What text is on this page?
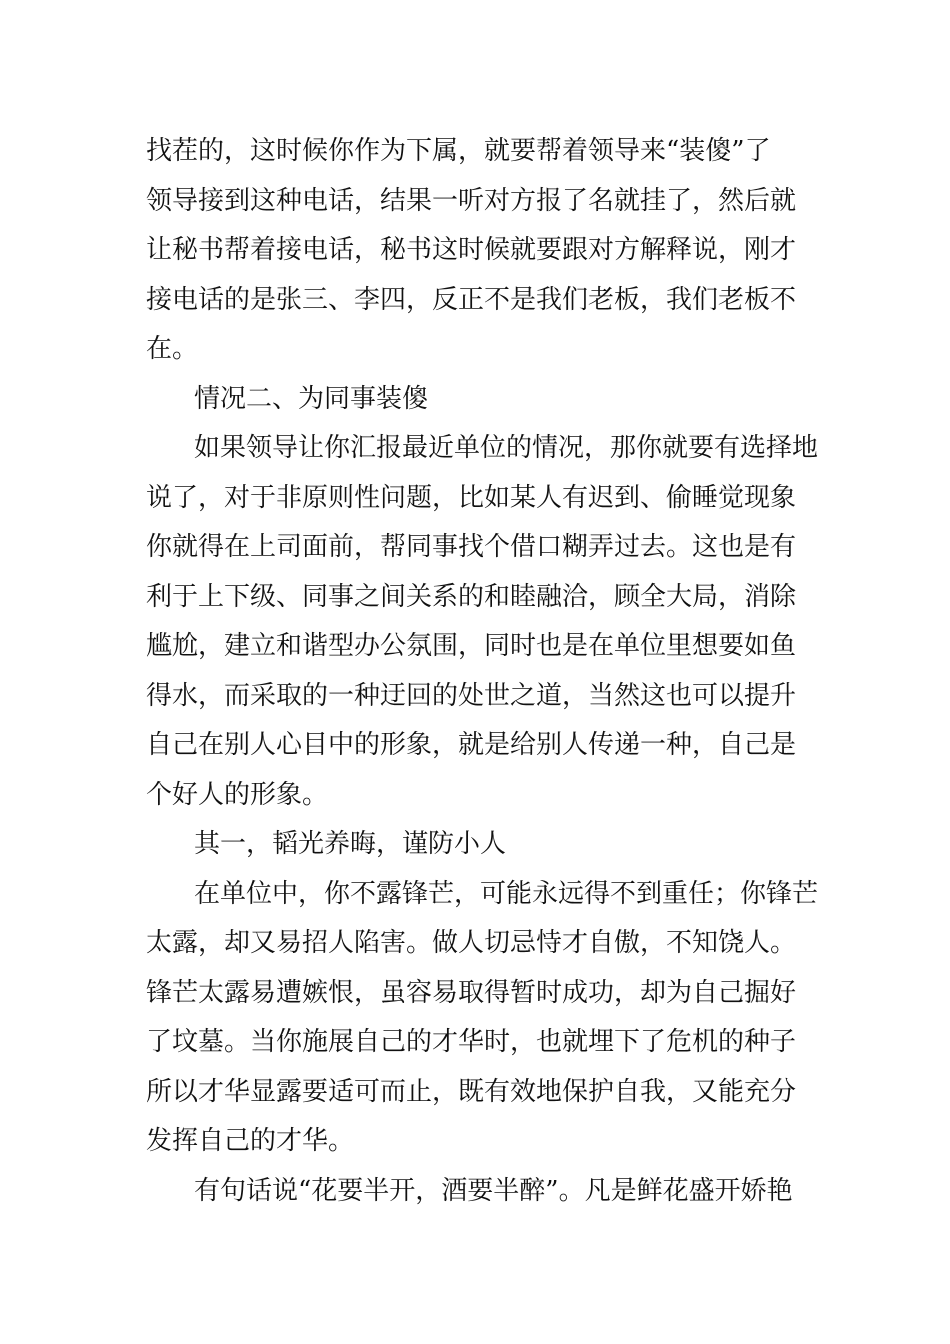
找茬的，这时候你作为下属，就要帮着领导来“装傻”了
领导接到这种电话，结果一听对方报了名就挂了，然后就
让秘书帮着接电话，秘书这时候就要跟对方解释说，刚才
接电话的是张三、李四，反正不是我们老板，我们老板不
在。
情况二、为同事装傻
如果领导让你汇报最近单位的情况，那你就要有选择地
说了，对于非原则性问题，比如某人有迟到、偷睡觉现象
你就得在上司面前，帮同事找个借口糊弄过去。这也是有
利于上下级、同事之间关系的和睦融洽，顾全大局，消除
尴尬，建立和谐型办公氛围，同时也是在单位里想要如鱼
得水，而采取的一种迂回的处世之道，当然这也可以提升
自己在别人心目中的形象，就是给别人传递一种，自己是
个好人的形象。
其一，韬光养晦，谨防小人
在单位中，你不露锋芒，可能永远得不到重任；你锋芒
太露，却又易招人陷害。做人切忌恃才自傲，不知饶人。
锋芒太露易遭嫉恨，虽容易取得暂时成功，却为自己掘好
了坟墓。当你施展自己的才华时，也就埋下了危机的种子
所以才华显露要适可而止，既有效地保护自我，又能充分
发挥自己的才华。
有句话说“花要半开，酒要半醉”。凡是鲜花盛开娇艳
